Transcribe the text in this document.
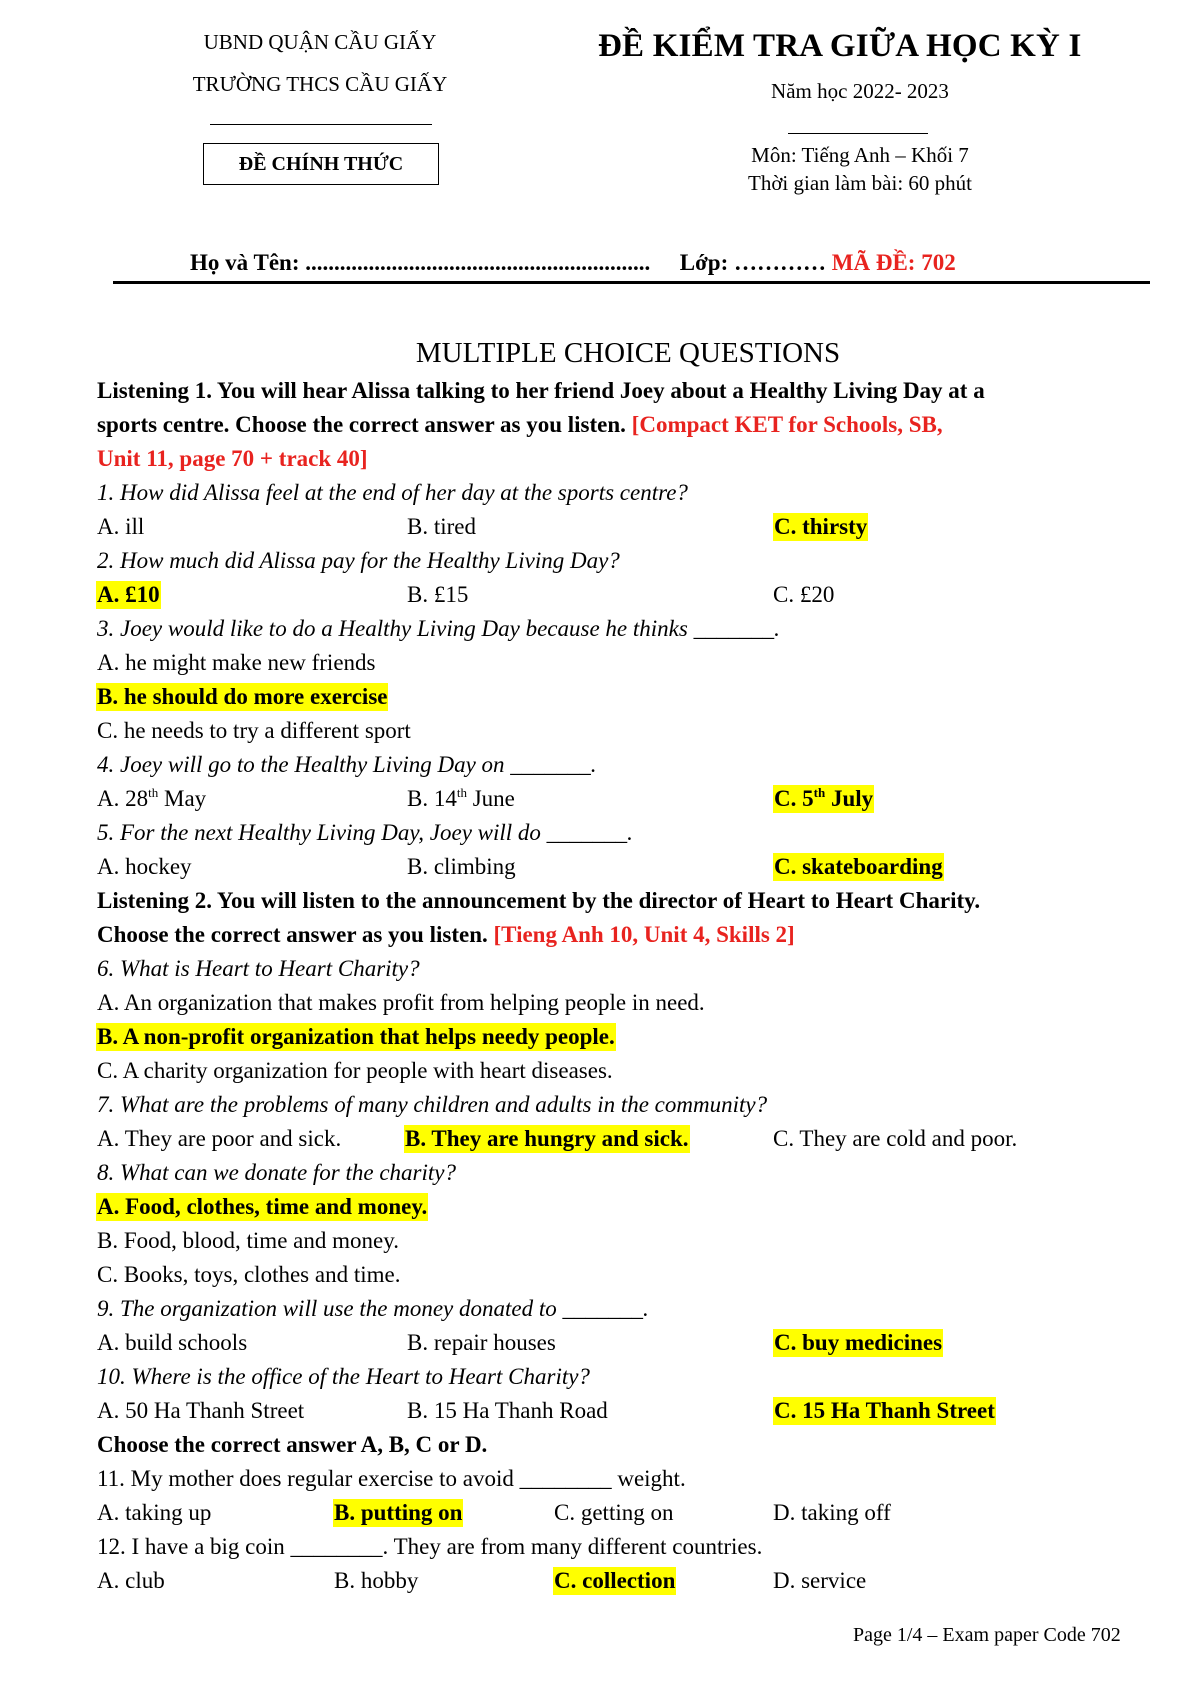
UBND QUẬN CẦU GIẤY
TRƯỜNG THCS CẦU GIẤY
ĐỀ CHÍNH THỨC
ĐỀ KIỂM TRA GIỮA HỌC KỲ I
Năm học 2022- 2023
Môn: Tiếng Anh – Khối 7
Thời gian làm bài: 60 phút
Họ và Tên: ............................................................ Lớp: ………… MÃ ĐỀ: 702
MULTIPLE CHOICE QUESTIONS
Listening 1. You will hear Alissa talking to her friend Joey about a Healthy Living Day at a
sports centre. Choose the correct answer as you listen. [Compact KET for Schools, SB,
Unit 11, page 70 + track 40]
1. How did Alissa feel at the end of her day at the sports centre?
A. ill	B. tired	C. thirsty
2. How much did Alissa pay for the Healthy Living Day?
A. £10	B. £15	C. £20
3. Joey would like to do a Healthy Living Day because he thinks _______.
A. he might make new friends
B. he should do more exercise
C. he needs to try a different sport
4. Joey will go to the Healthy Living Day on _______.
A. 28th May	B. 14th June	C. 5th July
5. For the next Healthy Living Day, Joey will do _______.
A. hockey	B. climbing	C. skateboarding
Listening 2. You will listen to the announcement by the director of Heart to Heart Charity.
Choose the correct answer as you listen. [Tieng Anh 10, Unit 4, Skills 2]
6. What is Heart to Heart Charity?
A. An organization that makes profit from helping people in need.
B. A non-profit organization that helps needy people.
C. A charity organization for people with heart diseases.
7. What are the problems of many children and adults in the community?
A. They are poor and sick.	B. They are hungry and sick.	C. They are cold and poor.
8. What can we donate for the charity?
A. Food, clothes, time and money.
B. Food, blood, time and money.
C. Books, toys, clothes and time.
9. The organization will use the money donated to _______.
A. build schools	B. repair houses	C. buy medicines
10. Where is the office of the Heart to Heart Charity?
A. 50 Ha Thanh Street	B. 15 Ha Thanh Road	C. 15 Ha Thanh Street
Choose the correct answer A, B, C or D.
11. My mother does regular exercise to avoid ________ weight.
A. taking up	B. putting on	C. getting on	D. taking off
12. I have a big coin ________. They are from many different countries.
A. club	B. hobby	C. collection	D. service
Page 1/4 – Exam paper Code 702
